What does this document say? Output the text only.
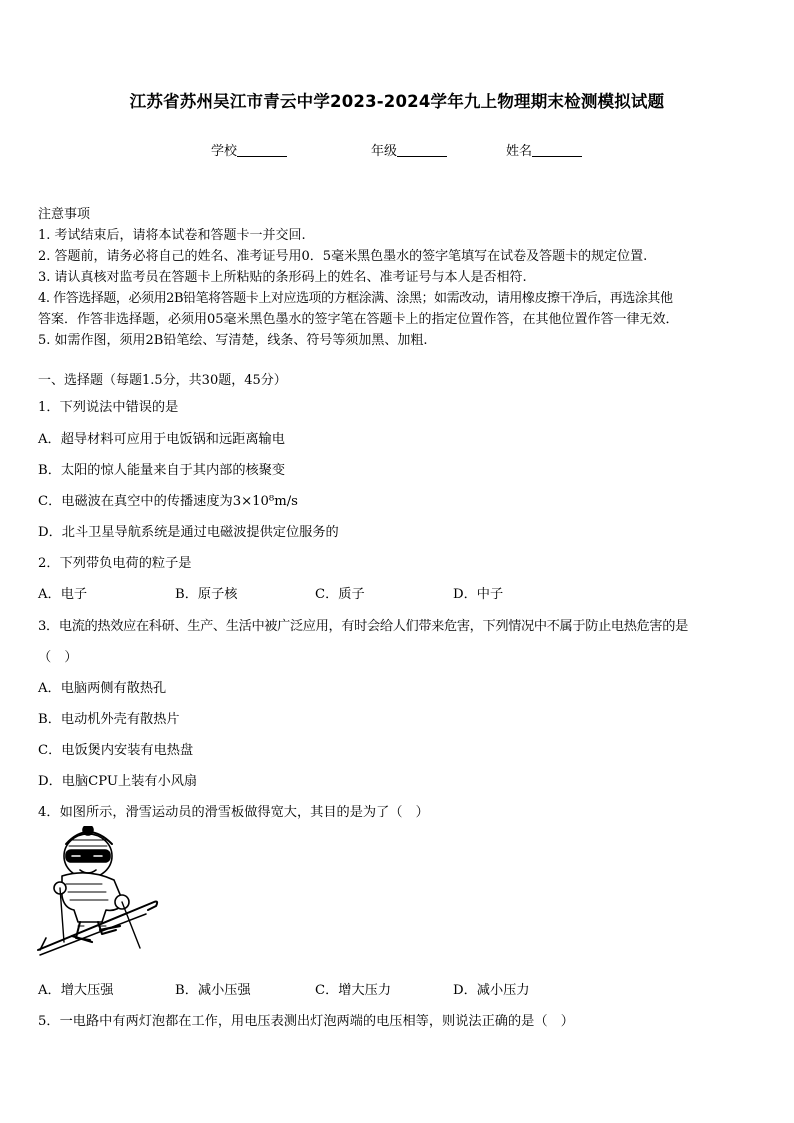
江苏省苏州吴江市青云中学2023-2024学年九上物理期末检测模拟试题
学校	年级	姓名
注意事项
1. 考试结束后，请将本试卷和答题卡一并交回.
2. 答题前，请务必将自己的姓名、准考证号用0．5毫米黑色墨水的签字笔填写在试卷及答题卡的规定位置.
3. 请认真核对监考员在答题卡上所粘贴的条形码上的姓名、准考证号与本人是否相符.
4. 作答选择题，必须用2B铅笔将答题卡上对应选项的方框涂满、涂黑；如需改动，请用橡皮擦干净后，再选涂其他
答案．作答非选择题，必须用05毫米黑色墨水的签字笔在答题卡上的指定位置作答，在其他位置作答一律无效．
5. 如需作图，须用2B铅笔绘、写清楚，线条、符号等须加黑、加粗.
一、选择题（每题1.5分，共30题，45分）
1．下列说法中错误的是
A．超导材料可应用于电饭锅和远距离输电
B．太阳的惊人能量来自于其内部的核聚变
C．电磁波在真空中的传播速度为3×10⁸m/s
D．北斗卫星导航系统是通过电磁波提供定位服务的
2．下列带负电荷的粒子是
A．电子	B．原子核	C．质子	D．中子
3．电流的热效应在科研、生产、生活中被广泛应用，有时会给人们带来危害，下列情况中不属于防止电热危害的是
（　）
A．电脑两侧有散热孔
B．电动机外壳有散热片
C．电饭煲内安装有电热盘
D．电脑CPU上装有小风扇
4．如图所示，滑雪运动员的滑雪板做得宽大，其目的是为了（　）
A．增大压强	B．减小压强	C．增大压力	D．减小压力
5．一电路中有两灯泡都在工作，用电压表测出灯泡两端的电压相等，则说法正确的是（　）
